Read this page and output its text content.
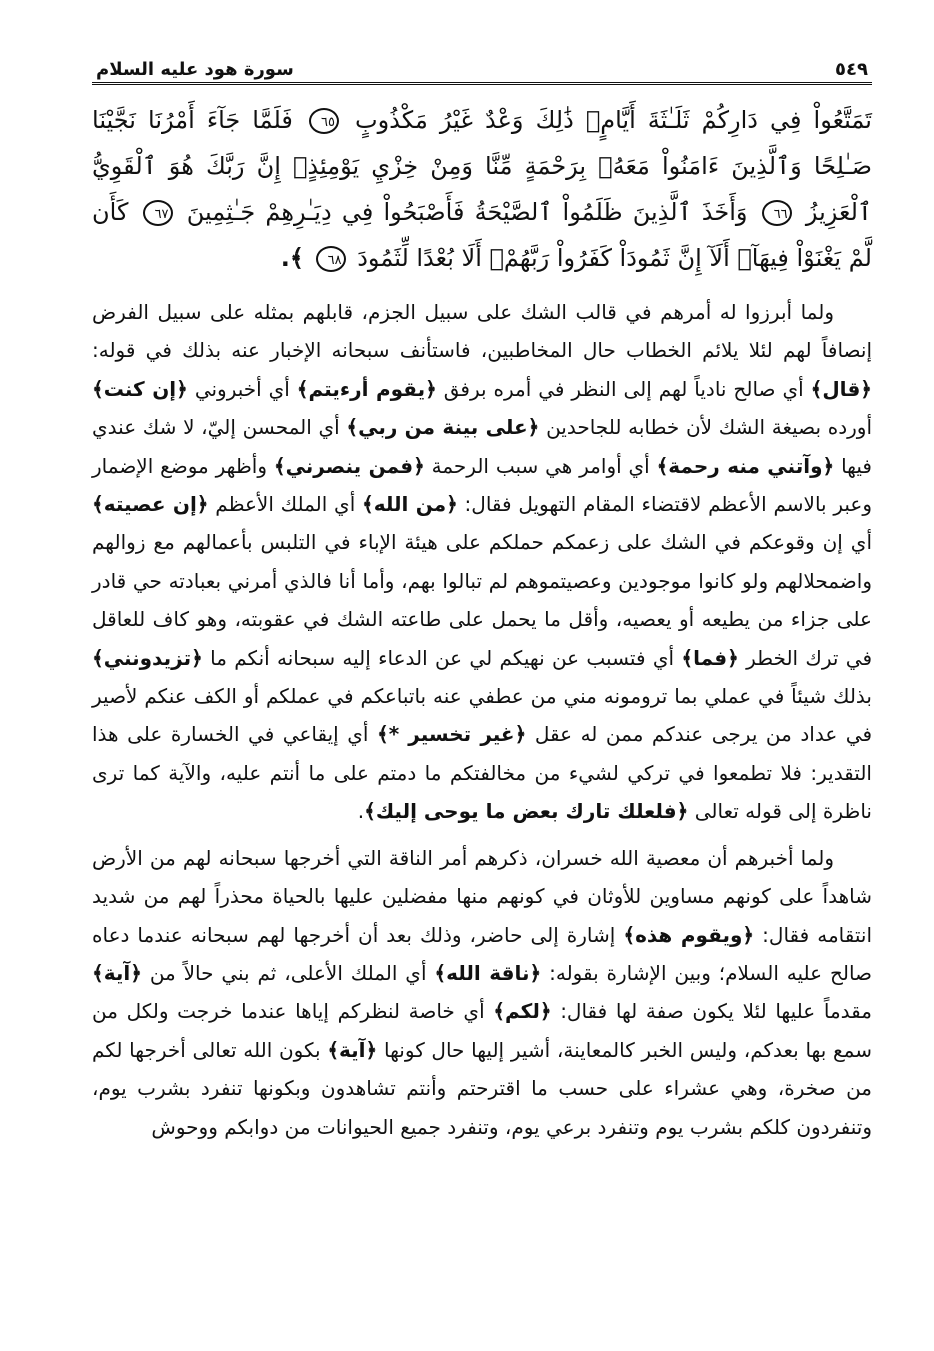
سورة هود عليه السلام	٥٤٩
تَمَتَّعُواْ فِي دَارِكُمْ ثَلَـٰثَةَ أَيَّامٍۖ ذَٰلِكَ وَعْدٌ غَيْرُ مَكْذُوبٍ ٦٥ فَلَمَّا جَآءَ أَمْرُنَا نَجَّيْنَا صَـٰلِحًا وَٱلَّذِينَ ءَامَنُواْ مَعَهُۥ بِرَحْمَةٍ مِّنَّا وَمِنْ خِزْيِ يَوْمِئِذٍۚ إِنَّ رَبَّكَ هُوَ ٱلْقَوِيُّ ٱلْعَزِيزُ ٦٦ وَأَخَذَ ٱلَّذِينَ ظَلَمُواْ ٱلصَّيْحَةُ فَأَصْبَحُواْ فِي دِيَـٰرِهِمْ جَـٰثِمِينَ ٦٧ كَأَن لَّمْ يَغْنَوْاْ فِيهَآۗ أَلَآ إِنَّ ثَمُودَاْ كَفَرُواْ رَبَّهُمْۗ أَلَا بُعْدًا لِّثَمُودَ ٦٨ ﴾.

ولما أبرزوا له أمرهم في قالب الشك على سبيل الجزم، قابلهم بمثله على سبيل الفرض إنصافاً لهم لئلا يلائم الخطاب حال المخاطبين، فاستأنف سبحانه الإخبار عنه بذلك في قوله: ﴿قال﴾ أي صالح نادياً لهم إلى النظر في أمره برفق ﴿يقوم أرءيتم﴾ أي أخبروني ﴿إن كنت﴾ أورده بصيغة الشك لأن خطابه للجاحدين ﴿على بينة من ربي﴾ أي المحسن إليّ، لا شك عندي فيها ﴿وآتني منه رحمة﴾ أي أوامر هي سبب الرحمة ﴿فمن ينصرني﴾ وأظهر موضع الإضمار وعبر بالاسم الأعظم لاقتضاء المقام التهويل فقال: ﴿من الله﴾ أي الملك الأعظم ﴿إن عصيته﴾ أي إن وقوعكم في الشك على زعمكم حملكم على هيئة الإباء في التلبس بأعمالهم مع زوالهم واضمحلالهم ولو كانوا موجودين وعصيتموهم لم تبالوا بهم، وأما أنا فالذي أمرني بعبادته حي قادر على جزاء من يطيعه أو يعصيه، وأقل ما يحمل على طاعته الشك في عقوبته، وهو كاف للعاقل في ترك الخطر ﴿فما﴾ أي فتسبب عن نهيكم لي عن الدعاء إليه سبحانه أنكم ما ﴿تزيدونني﴾ بذلك شيئاً في عملي بما ترومونه مني من عطفي عنه باتباعكم في عملكم أو الكف عنكم لأصير في عداد من يرجى عندكم ممن له عقل ﴿غير تخسير *﴾ أي إيقاعي في الخسارة على هذا التقدير: فلا تطمعوا في تركي لشيء من مخالفتكم ما دمتم على ما أنتم عليه، والآية كما ترى ناظرة إلى قوله تعالى ﴿فلعلك تارك بعض ما يوحى إليك﴾.

ولما أخبرهم أن معصية الله خسران، ذكرهم أمر الناقة التي أخرجها سبحانه لهم من الأرض شاهداً على كونهم مساوين للأوثان في كونهم منها مفضلين عليها بالحياة محذراً لهم من شديد انتقامه فقال: ﴿ويقوم هذه﴾ إشارة إلى حاضر، وذلك بعد أن أخرجها لهم سبحانه عندما دعاه صالح عليه السلام؛ وبين الإشارة بقوله: ﴿ناقة الله﴾ أي الملك الأعلى، ثم بني حالاً من ﴿آية﴾ مقدماً عليها لئلا يكون صفة لها فقال: ﴿لكم﴾ أي خاصة لنظركم إياها عندما خرجت ولكل من سمع بها بعدكم، وليس الخبر كالمعاينة، أشير إليها حال كونها ﴿آية﴾ بكون الله تعالى أخرجها لكم من صخرة، وهي عشراء على حسب ما اقترحتم وأنتم تشاهدون وبكونها تنفرد بشرب يوم، وتنفردون كلكم بشرب يوم وتنفرد برعي يوم، وتنفرد جميع الحيوانات من دوابكم ووحوش
